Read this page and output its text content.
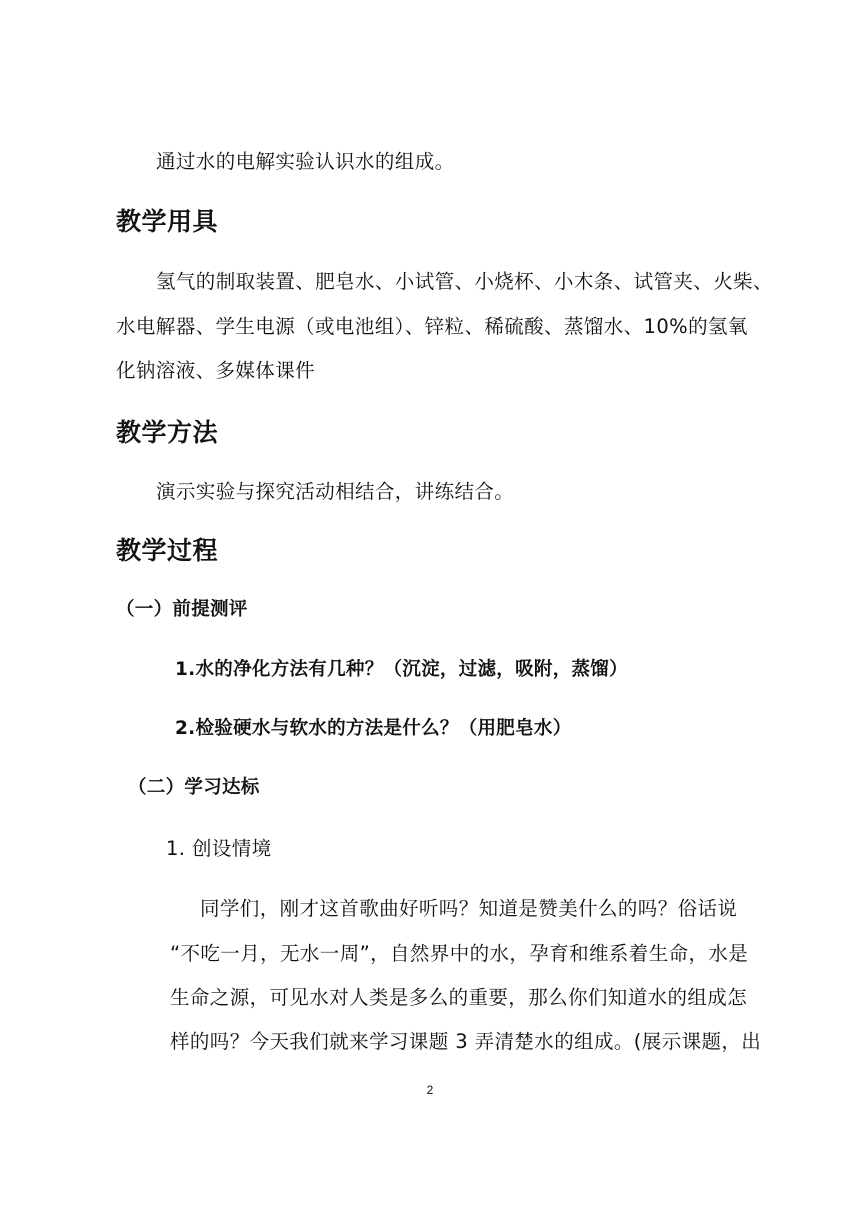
通过水的电解实验认识水的组成。
教学用具
氢气的制取装置、肥皂水、小试管、小烧杯、小木条、试管夹、火柴、
水电解器、学生电源（或电池组）、锌粒、稀硫酸、蒸馏水、10%的氢氧
化钠溶液、多媒体课件
教学方法
演示实验与探究活动相结合，讲练结合。
教学过程
（一）前提测评
1.水的净化方法有几种？（沉淀，过滤，吸附，蒸馏）
2.检验硬水与软水的方法是什么？（用肥皂水）
（二）学习达标
1. 创设情境
同学们，刚才这首歌曲好听吗？知道是赞美什么的吗？俗话说
“不吃一月，无水一周”，自然界中的水，孕育和维系着生命，水是
生命之源，可见水对人类是多么的重要，那么你们知道水的组成怎
样的吗？今天我们就来学习课题 3 弄清楚水的组成。(展示课题，出
2
